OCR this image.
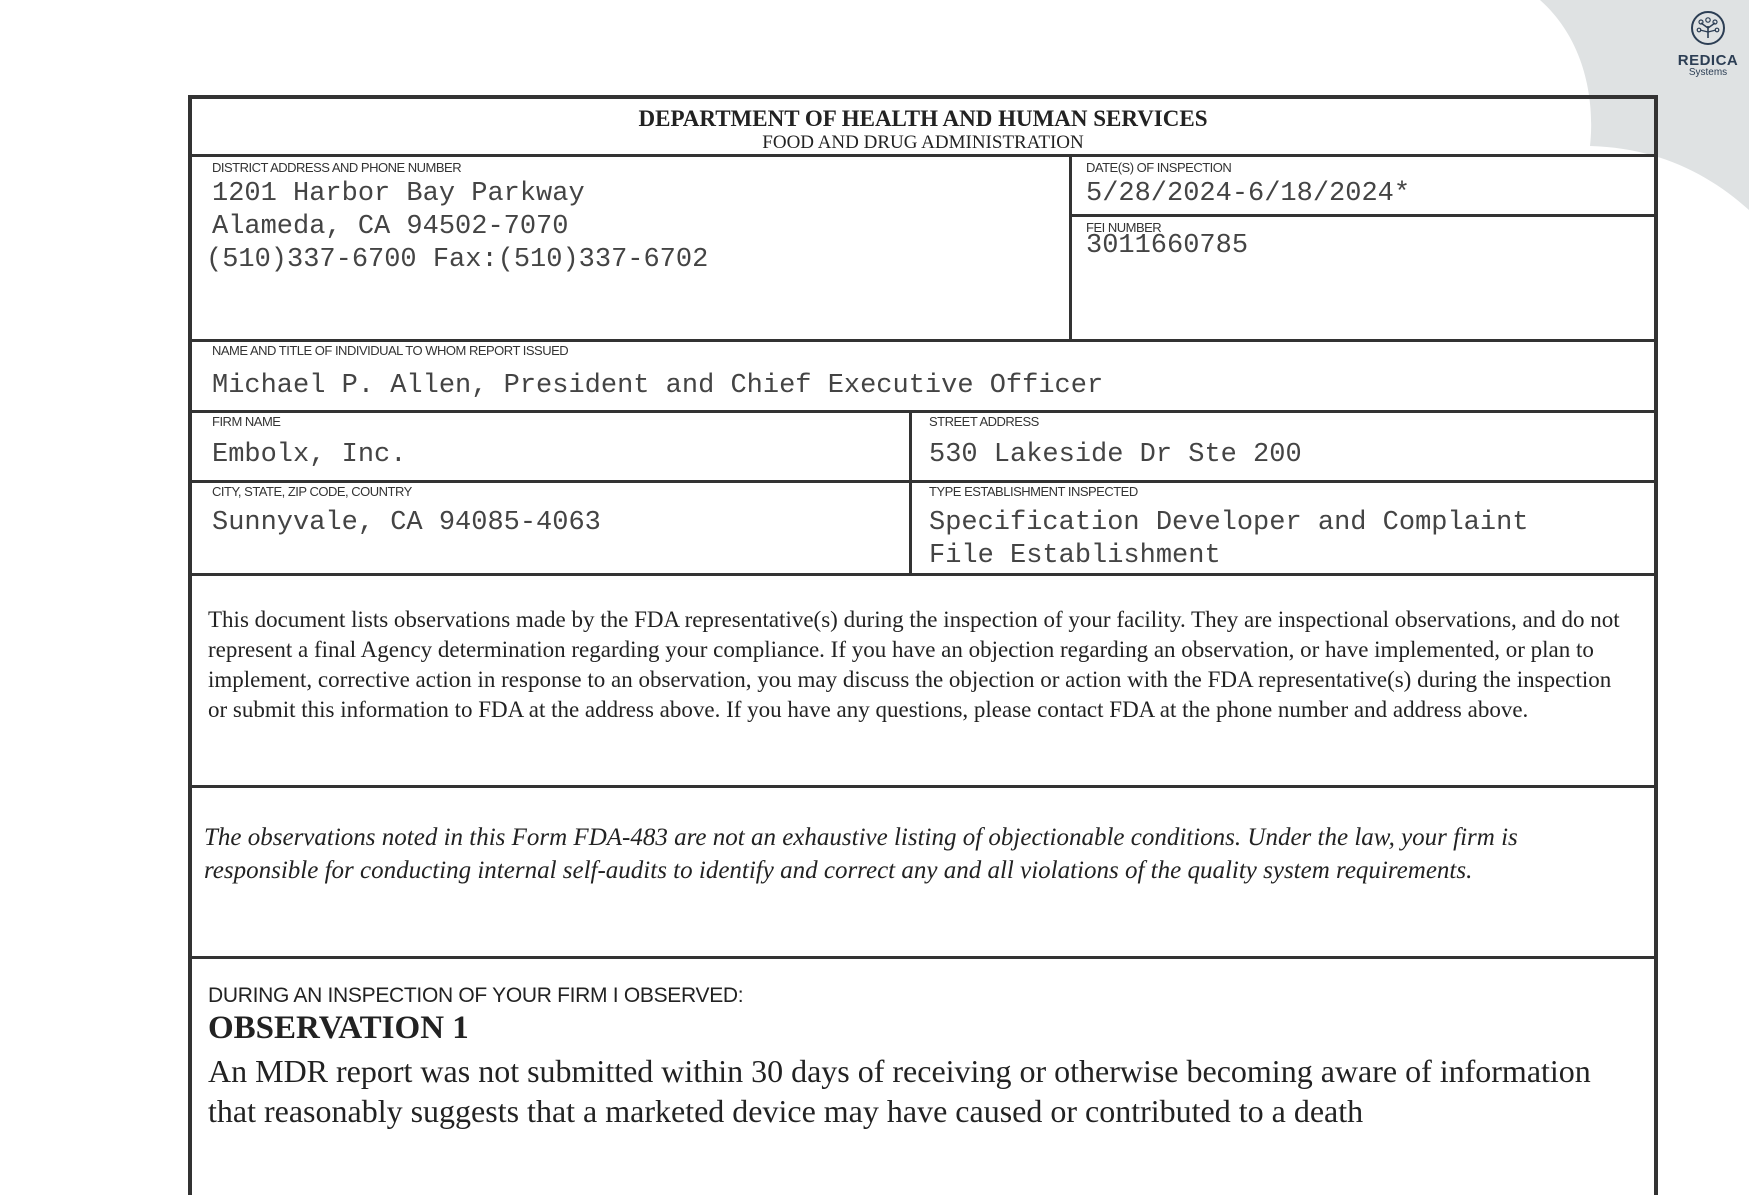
REDICA
Systems
DEPARTMENT OF HEALTH AND HUMAN SERVICES
FOOD AND DRUG ADMINISTRATION
DISTRICT ADDRESS AND PHONE NUMBER
1201 Harbor Bay Parkway
Alameda, CA 94502-7070
(510)337-6700 Fax:(510)337-6702
DATE(S) OF INSPECTION
5/28/2024-6/18/2024*
FEI NUMBER
3011660785
NAME AND TITLE OF INDIVIDUAL TO WHOM REPORT ISSUED
Michael P. Allen, President and Chief Executive Officer
FIRM NAME
Embolx, Inc.
STREET ADDRESS
530 Lakeside Dr Ste 200
CITY, STATE, ZIP CODE, COUNTRY
Sunnyvale, CA 94085-4063
TYPE ESTABLISHMENT INSPECTED
Specification Developer and Complaint
File Establishment
This document lists observations made by the FDA representative(s) during the inspection of your facility. They are inspectional observations, and do not represent a final Agency determination regarding your compliance. If you have an objection regarding an observation, or have implemented, or plan to implement, corrective action in response to an observation, you may discuss the objection or action with the FDA representative(s) during the inspection or submit this information to FDA at the address above. If you have any questions, please contact FDA at the phone number and address above.
The observations noted in this Form FDA-483 are not an exhaustive listing of objectionable conditions. Under the law, your firm is responsible for conducting internal self-audits to identify and correct any and all violations of the quality system requirements.
DURING AN INSPECTION OF YOUR FIRM I OBSERVED:
OBSERVATION 1
An MDR report was not submitted within 30 days of receiving or otherwise becoming aware of information that reasonably suggests that a marketed device may have caused or contributed to a death
